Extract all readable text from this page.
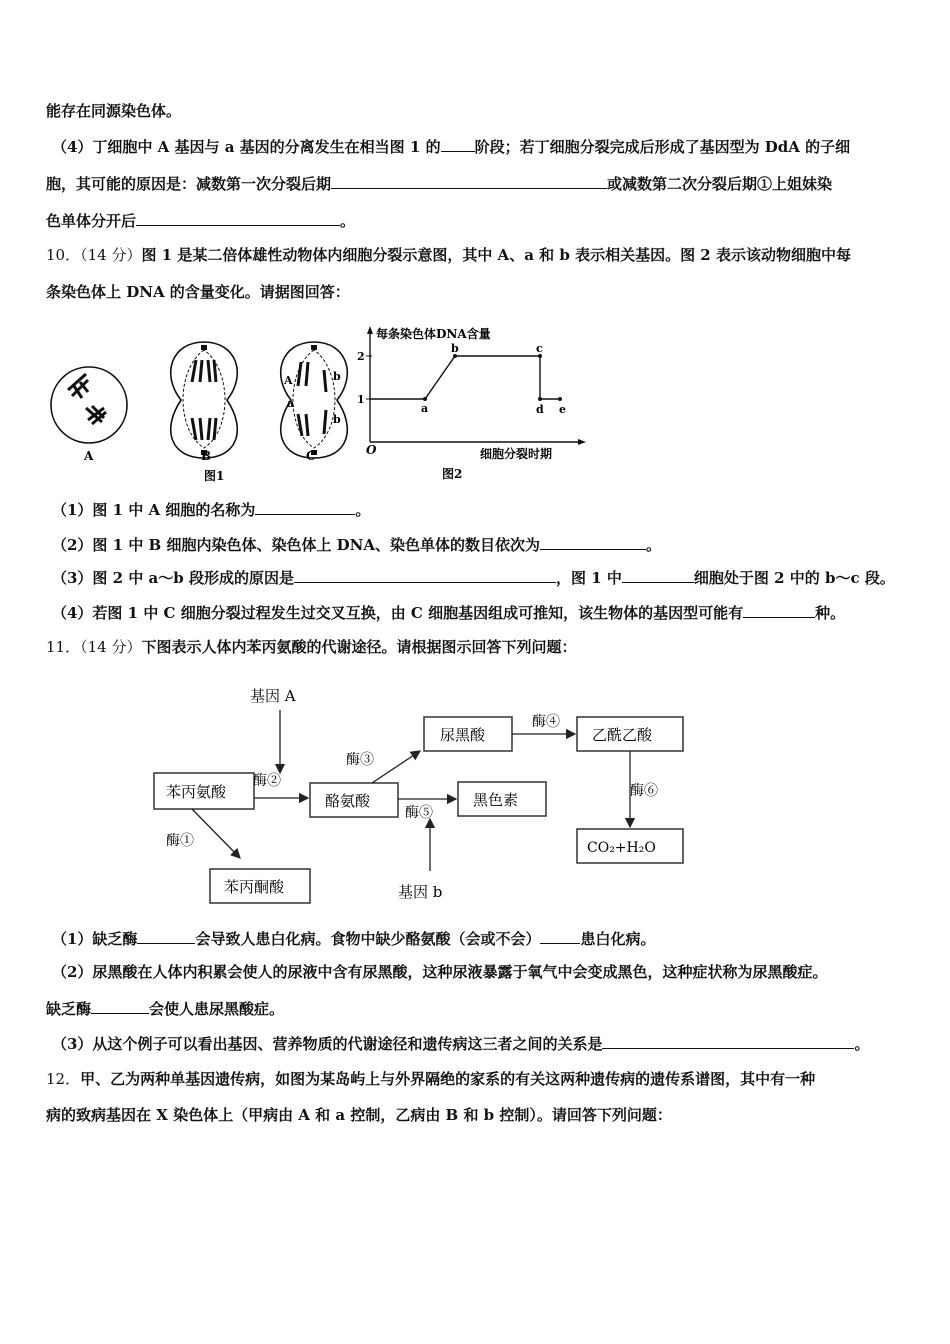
能存在同源染色体。
（4）丁细胞中 A 基因与 a 基因的分离发生在相当图 1 的 阶段；若丁细胞分裂完成后形成了基因型为 DdA 的子细
胞，其可能的原因是：减数第一次分裂后期	或减数第二次分裂后期①上姐妹染
色单体分开后	。
10．（14 分）图 1 是某二倍体雄性动物体内细胞分裂示意图，其中 A、a 和 b 表示相关基因。图 2 表示该动物细胞中每
条染色体上 DNA 的含量变化。请据图回答：
A	B
A
a
b
b
C
图1
每条染色体DNA含量
细胞分裂时期
O
1
2
a
b	c
d e
图2
（1）图 1 中 A 细胞的名称为	。
（2）图 1 中 B 细胞内染色体、染色体上 DNA、染色单体的数目依次为	。
（3）图 2 中 a～b 段形成的原因是	，图 1 中	细胞处于图 2 中的 b～c 段。
（4）若图 1 中 C 细胞分裂过程发生过交叉互换，由 C 细胞基因组成可推知，该生物体的基因型可能有	种。
11．（14 分）下图表示人体内苯丙氨酸的代谢途径。请根据图示回答下列问题：
苯丙氨酸	酪氨酸
尿黑酸
黑色素
乙酰乙酸
CO₂+H₂O
苯丙酮酸
基因 A
基因 b
酶②
酶①
酶③
酶⑤
酶④
酶⑥
（1）缺乏酶	会导致人患白化病。食物中缺少酪氨酸（会或不会）	患白化病。
（2）尿黑酸在人体内积累会使人的尿液中含有尿黑酸，这种尿液暴露于氧气中会变成黑色，这种症状称为尿黑酸症。
缺乏酶	会使人患尿黑酸症。
（3）从这个例子可以看出基因、营养物质的代谢途径和遗传病这三者之间的关系是	。
12．甲、乙为两种单基因遗传病，如图为某岛屿上与外界隔绝的家系的有关这两种遗传病的遗传系谱图，其中有一种
病的致病基因在 X 染色体上（甲病由 A 和 a 控制，乙病由 B 和 b 控制）。请回答下列问题：
